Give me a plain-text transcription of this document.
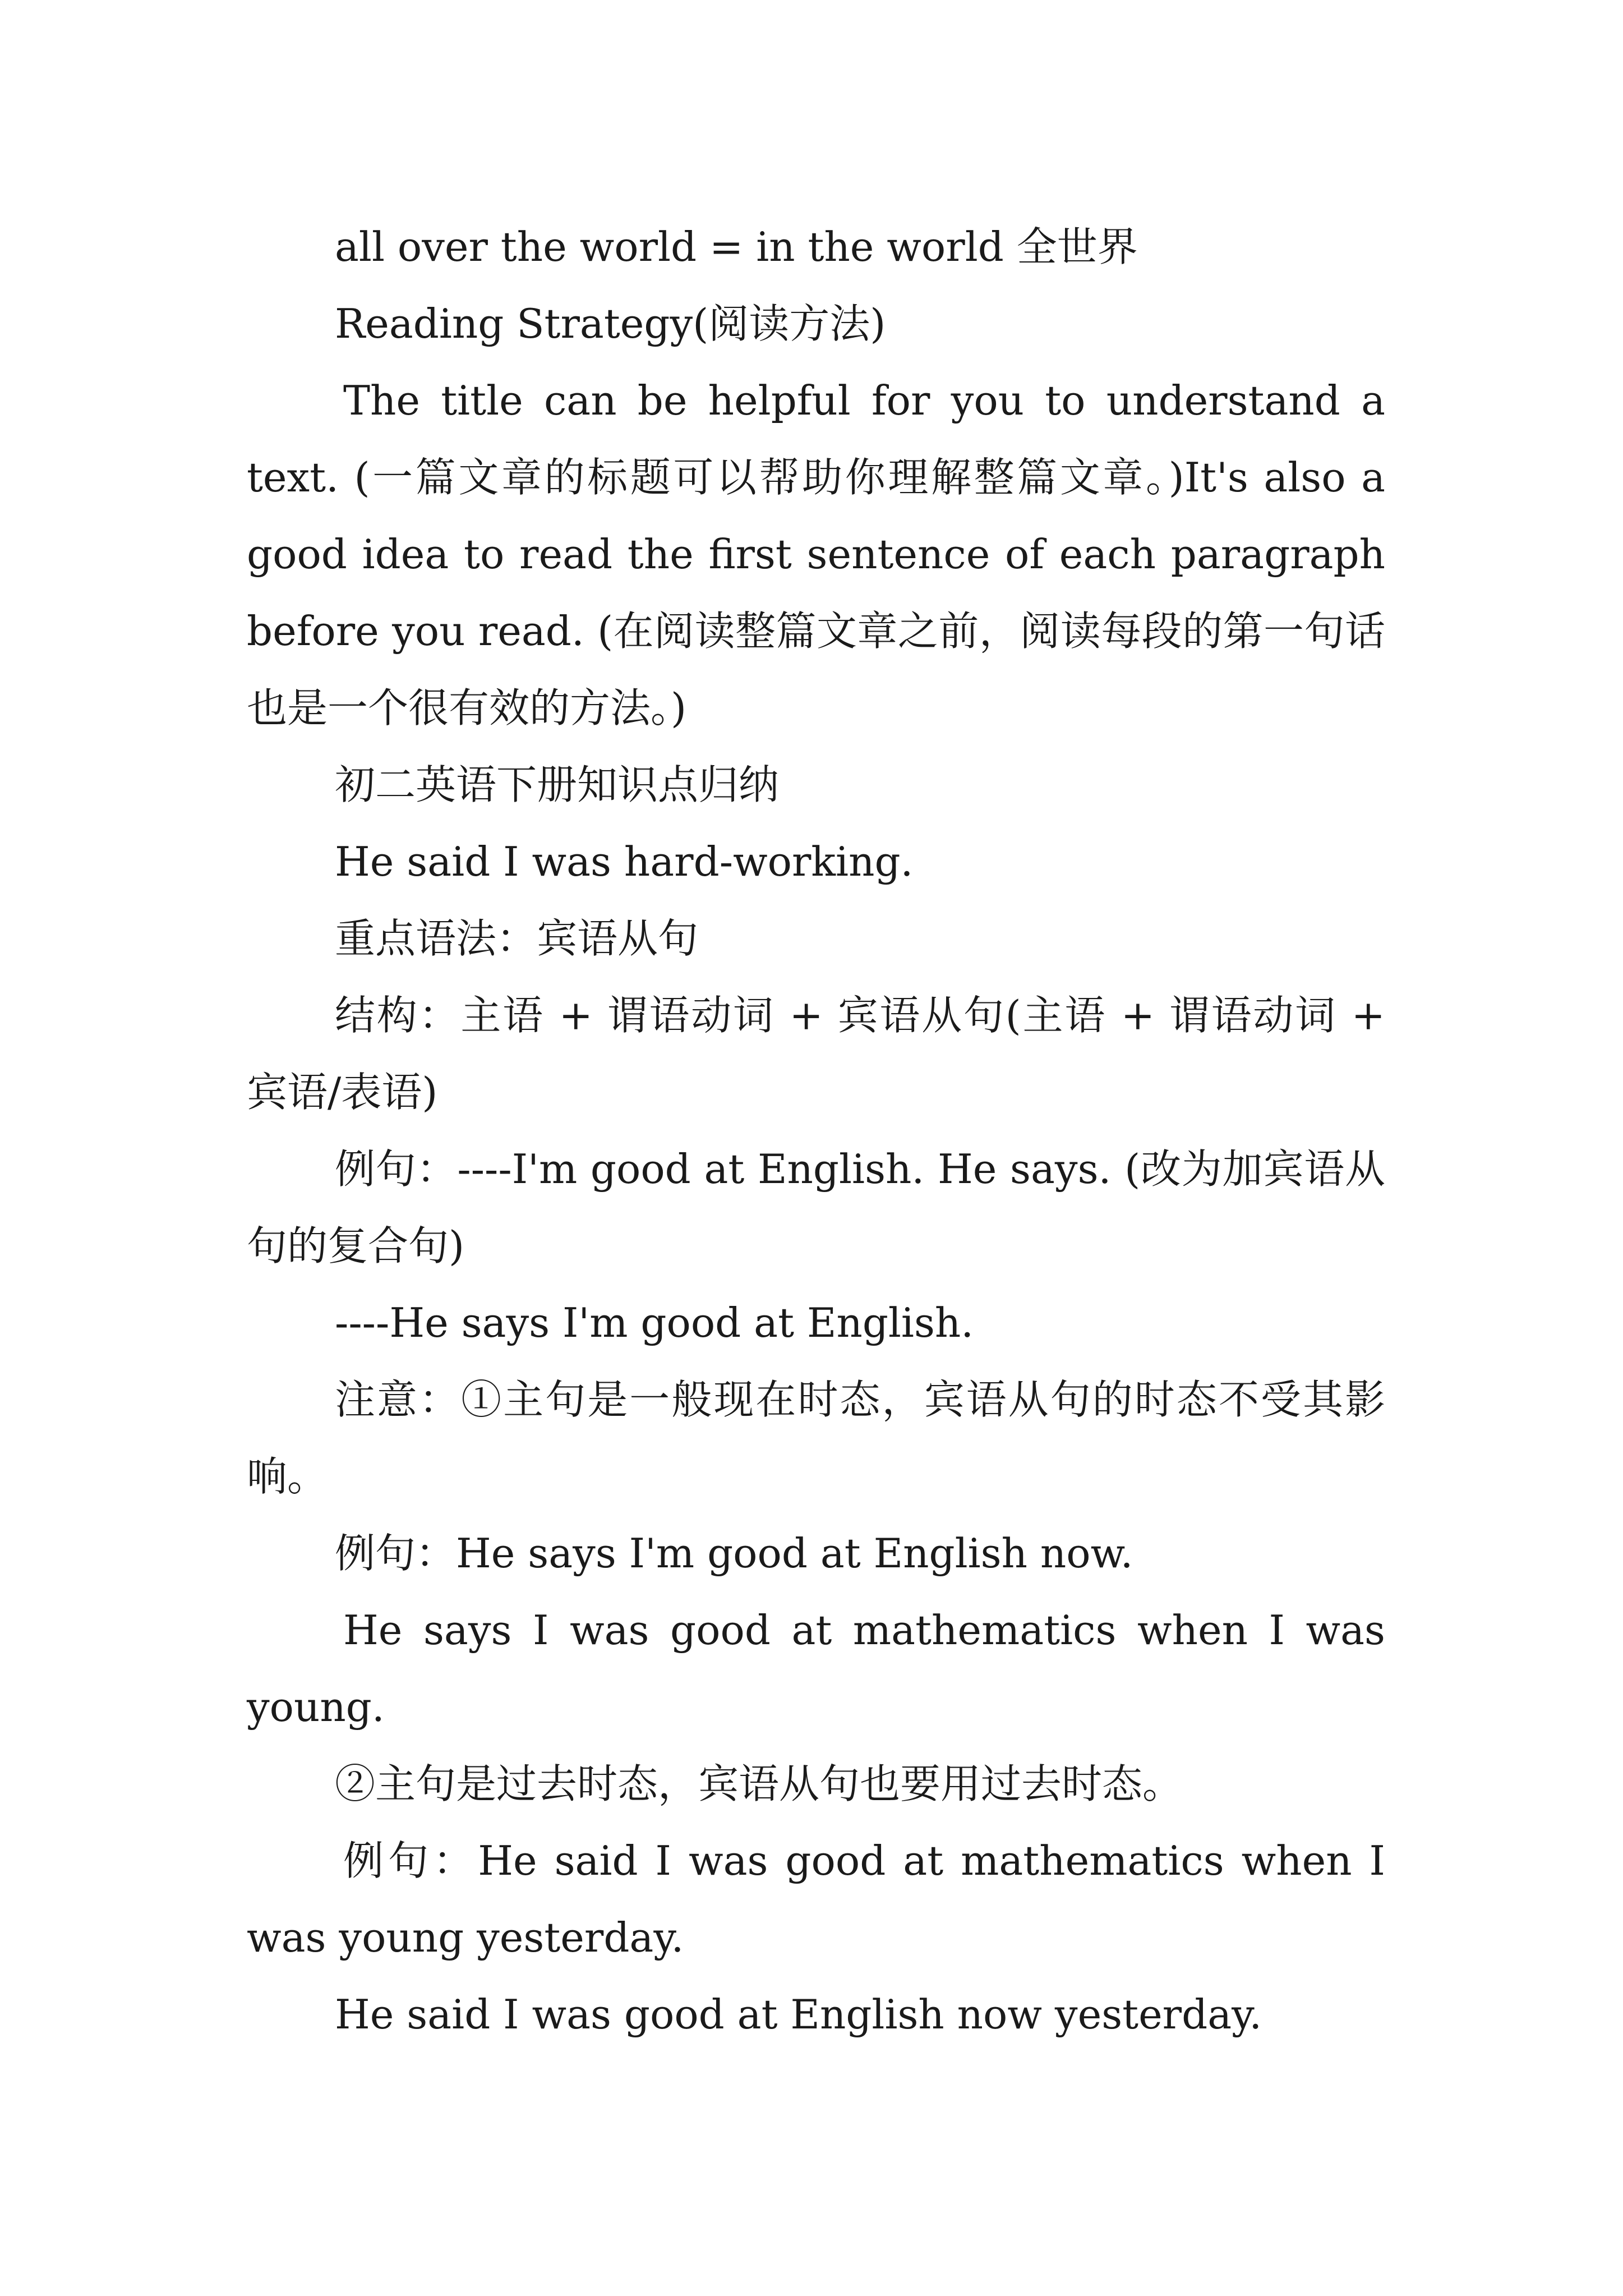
all over the world = in the world 全世界

Reading Strategy(阅读方法)

The title can be helpful for you to understand a text. (一篇文章的标题可以帮助你理解整篇文章。)It's also a good idea to read the first sentence of each paragraph before you read. (在阅读整篇文章之前，阅读每段的第一句话也是一个很有效的方法。)

初二英语下册知识点归纳

He said I was hard-working.

重点语法：宾语从句

结构：主语 + 谓语动词 + 宾语从句(主语 + 谓语动词 + 宾语/表语)

例句：----I'm good at English. He says. (改为加宾语从句的复合句)

----He says I'm good at English.

注意：①主句是一般现在时态，宾语从句的时态不受其影响。

例句：He says I'm good at English now.

He says I was good at mathematics when I was young.

②主句是过去时态，宾语从句也要用过去时态。

例句：He said I was good at mathematics when I was young yesterday.

He said I was good at English now yesterday.
